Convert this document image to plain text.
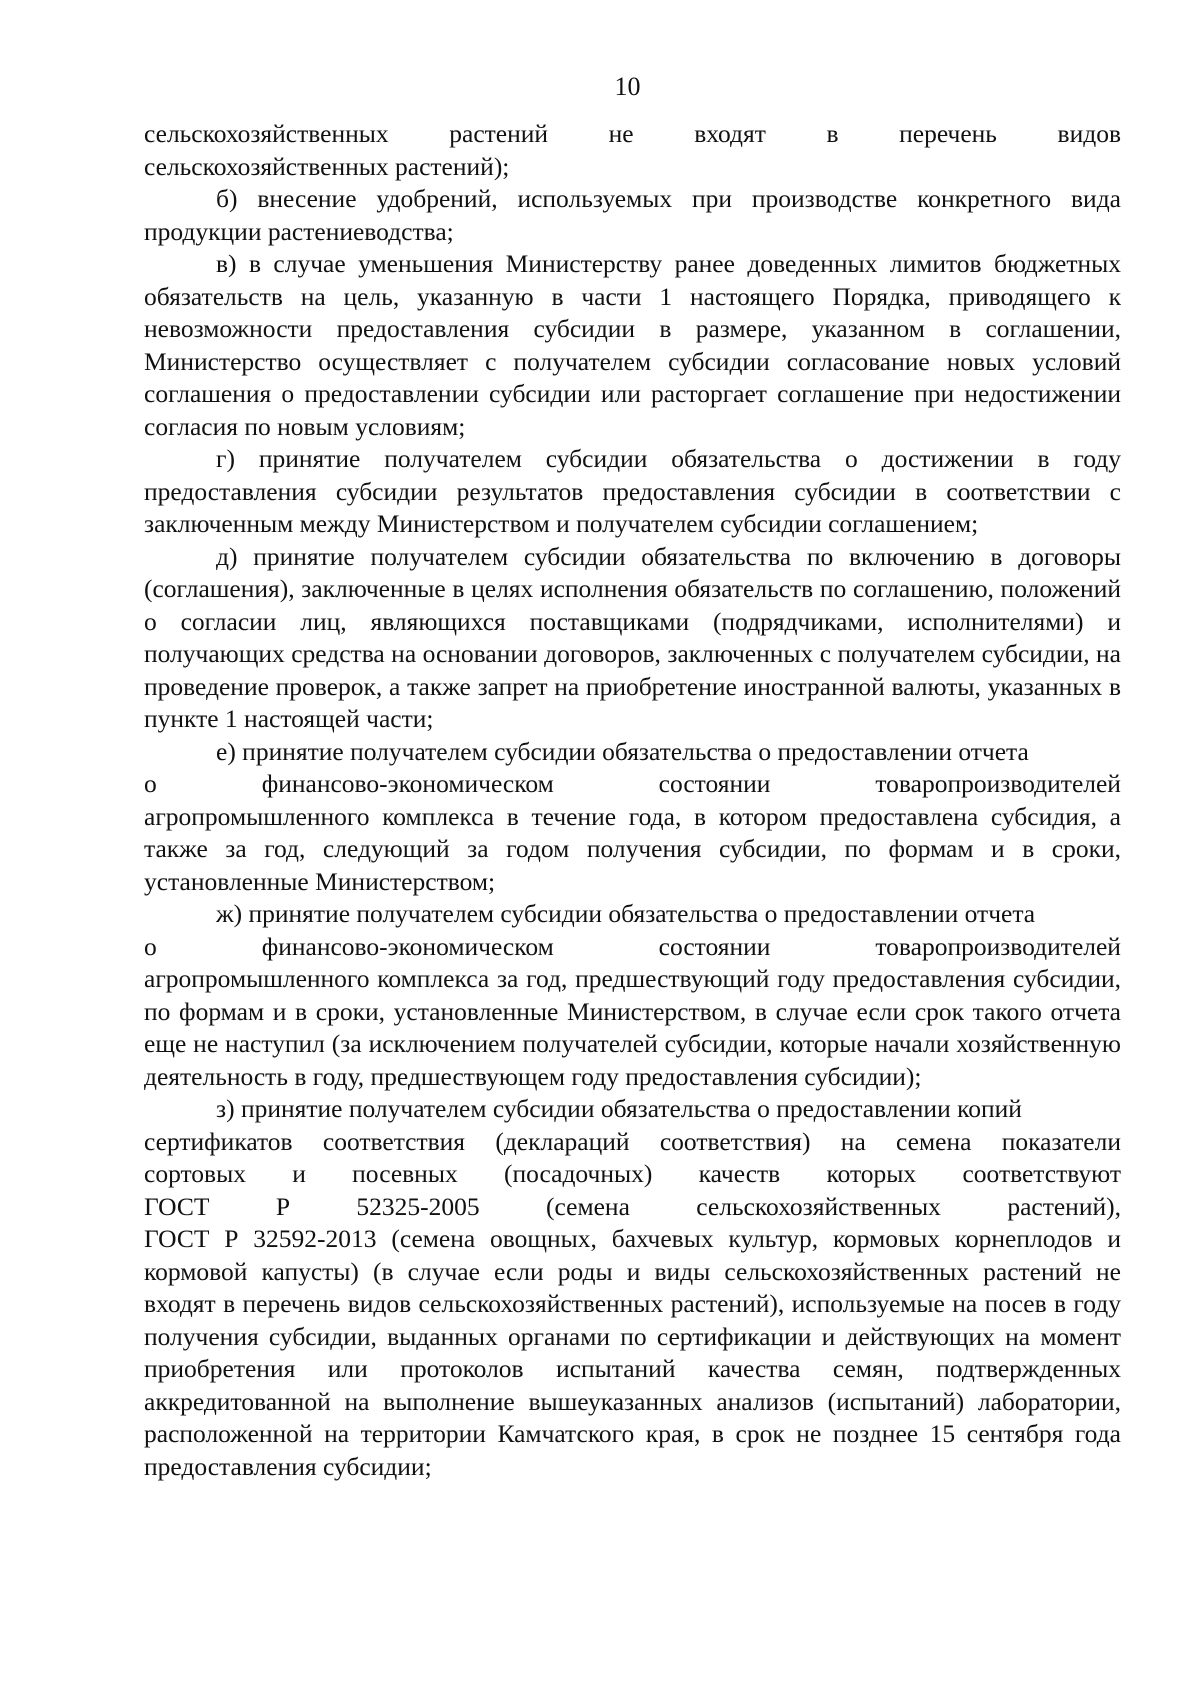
10

сельскохозяйственных растений не входят в перечень видов
сельскохозяйственных растений);

б) внесение удобрений, используемых при производстве конкретного вида продукции растениеводства;

в) в случае уменьшения Министерству ранее доведенных лимитов бюджетных обязательств на цель, указанную в части 1 настоящего Порядка, приводящего к невозможности предоставления субсидии в размере, указанном в соглашении, Министерство осуществляет с получателем субсидии согласование новых условий соглашения о предоставлении субсидии или расторгает соглашение при недостижении согласия по новым условиям;

г) принятие получателем субсидии обязательства о достижении в году предоставления субсидии результатов предоставления субсидии в соответствии с заключенным между Министерством и получателем субсидии соглашением;

д) принятие получателем субсидии обязательства по включению в договоры (соглашения), заключенные в целях исполнения обязательств по соглашению, положений о согласии лиц, являющихся поставщиками (подрядчиками, исполнителями) и получающих средства на основании договоров, заключенных с получателем субсидии, на проведение проверок, а также запрет на приобретение иностранной валюты, указанных в пункте 1 настоящей части;

е) принятие получателем субсидии обязательства о предоставлении отчета
о	финансово-экономическом	состоянии	товаропроизводителей

агропромышленного комплекса в течение года, в котором предоставлена субсидия, а также за год, следующий за годом получения субсидии, по формам и в сроки, установленные Министерством;

ж) принятие получателем субсидии обязательства о предоставлении отчета
о	финансово-экономическом	состоянии	товаропроизводителей

агропромышленного комплекса за год, предшествующий году предоставления субсидии, по формам и в сроки, установленные Министерством, в случае если срок такого отчета еще не наступил (за исключением получателей субсидии, которые начали хозяйственную деятельность в году, предшествующем году предоставления субсидии);

з) принятие получателем субсидии обязательства о предоставлении копий
сертификатов соответствия (деклараций соответствия) на семена показатели
сортовых и посевных (посадочных) качеств которых соответствуют
ГОСТ	Р	52325-2005	(семена	сельскохозяйственных	растений),

ГОСТ Р 32592-2013 (семена овощных, бахчевых культур, кормовых корнеплодов и кормовой капусты) (в случае если роды и виды сельскохозяйственных растений не входят в перечень видов сельскохозяйственных растений), используемые на посев в году получения субсидии, выданных органами по сертификации и действующих на момент приобретения или протоколов испытаний качества семян, подтвержденных аккредитованной на выполнение вышеуказанных анализов (испытаний) лаборатории, расположенной на территории Камчатского края, в срок не позднее 15 сентября года предоставления субсидии;
